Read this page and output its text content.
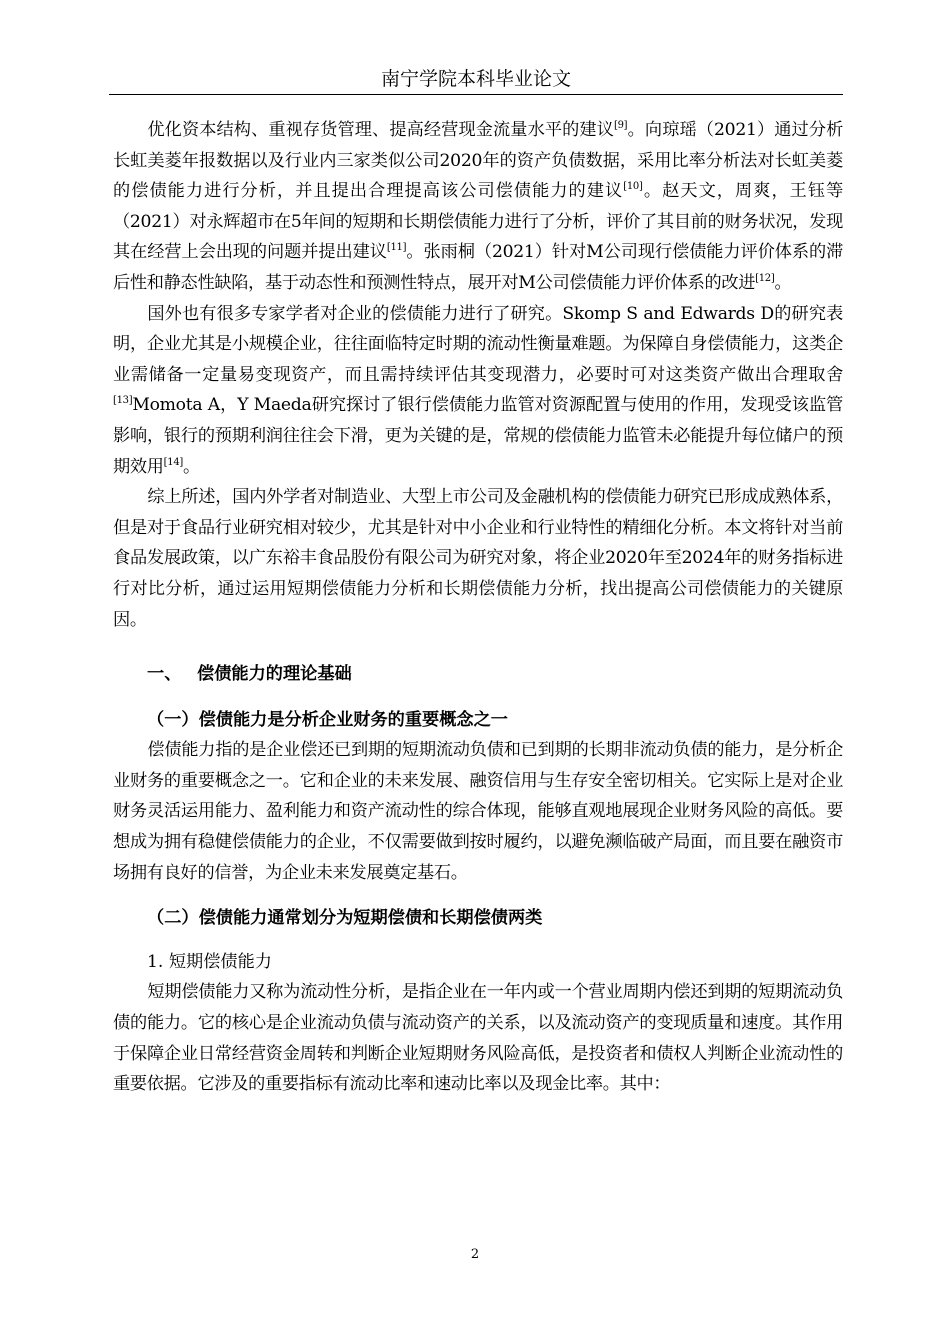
南宁学院本科毕业论文

优化资本结构、重视存货管理、提高经营现金流量水平的建议[9]。向琼瑶（2021）通过分析长虹美菱年报数据以及行业内三家类似公司2020年的资产负债数据，采用比率分析法对长虹美菱的偿债能力进行分析，并且提出合理提高该公司偿债能力的建议[10]。赵天文，周爽，王钰等（2021）对永辉超市在5年间的短期和长期偿债能力进行了分析，评价了其目前的财务状况，发现其在经营上会出现的问题并提出建议[11]。张雨桐（2021）针对M公司现行偿债能力评价体系的滞后性和静态性缺陷，基于动态性和预测性特点，展开对M公司偿债能力评价体系的改进[12]。

国外也有很多专家学者对企业的偿债能力进行了研究。Skomp S and Edwards D的研究表明，企业尤其是小规模企业，往往面临特定时期的流动性衡量难题。为保障自身偿债能力，这类企业需储备一定量易变现资产，而且需持续评估其变现潜力，必要时可对这类资产做出合理取舍[13]Momota A，Y Maeda研究探讨了银行偿债能力监管对资源配置与使用的作用，发现受该监管影响，银行的预期利润往往会下滑，更为关键的是，常规的偿债能力监管未必能提升每位储户的预期效用[14]。

综上所述，国内外学者对制造业、大型上市公司及金融机构的偿债能力研究已形成成熟体系，但是对于食品行业研究相对较少，尤其是针对中小企业和行业特性的精细化分析。本文将针对当前食品发展政策，以广东裕丰食品股份有限公司为研究对象，将企业2020年至2024年的财务指标进行对比分析，通过运用短期偿债能力分析和长期偿债能力分析，找出提高公司偿债能力的关键原因。

一、 偿债能力的理论基础
（一）偿债能力是分析企业财务的重要概念之一

偿债能力指的是企业偿还已到期的短期流动负债和已到期的长期非流动负债的能力，是分析企业财务的重要概念之一。它和企业的未来发展、融资信用与生存安全密切相关。它实际上是对企业财务灵活运用能力、盈利能力和资产流动性的综合体现，能够直观地展现企业财务风险的高低。要想成为拥有稳健偿债能力的企业，不仅需要做到按时履约，以避免濒临破产局面，而且要在融资市场拥有良好的信誉，为企业未来发展奠定基石。

（二）偿债能力通常划分为短期偿债和长期偿债两类
1. 短期偿债能力

短期偿债能力又称为流动性分析，是指企业在一年内或一个营业周期内偿还到期的短期流动负债的能力。它的核心是企业流动负债与流动资产的关系，以及流动资产的变现质量和速度。其作用于保障企业日常经营资金周转和判断企业短期财务风险高低，是投资者和债权人判断企业流动性的重要依据。它涉及的重要指标有流动比率和速动比率以及现金比率。其中：

2
